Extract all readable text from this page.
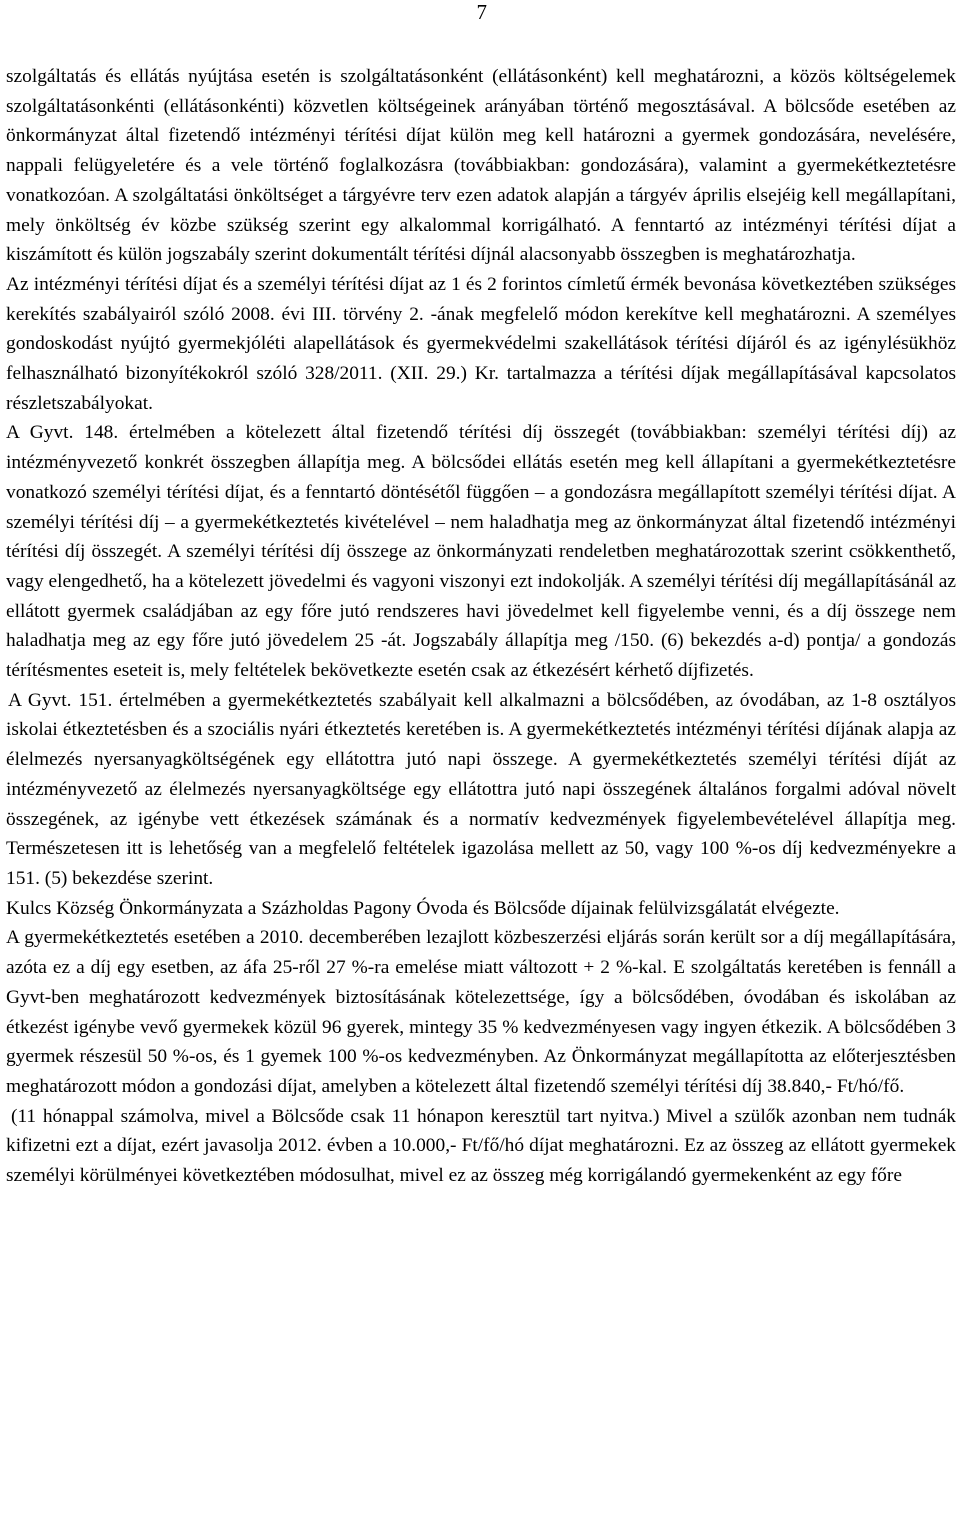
7

szolgáltatás és ellátás nyújtása esetén is szolgáltatásonként (ellátásonként) kell meghatározni, a közös költségelemek szolgáltatásonkénti (ellátásonkénti) közvetlen költségeinek arányában történő megosztásával. A bölcsőde esetében az önkormányzat által fizetendő intézményi térítési díjat külön meg kell határozni a gyermek gondozására, nevelésére, nappali felügyeletére és a vele történő foglalkozásra (továbbiakban: gondozására), valamint a gyermekétkeztetésre vonatkozóan. A szolgáltatási önköltséget a tárgyévre terv ezen adatok alapján a tárgyév április elsejéig kell megállapítani, mely önköltség év közbe szükség szerint egy alkalommal korrigálható. A fenntartó az intézményi térítési díjat a kiszámított és külön jogszabály szerint dokumentált térítési díjnál alacsonyabb összegben is meghatározhatja.

Az intézményi térítési díjat és a személyi térítési díjat az 1 és 2 forintos címletű érmék bevonása következtében szükséges kerekítés szabályairól szóló 2008. évi III. törvény 2. -ának megfelelő módon kerekítve kell meghatározni. A személyes gondoskodást nyújtó gyermekjóléti alapellátások és gyermekvédelmi szakellátások térítési díjáról és az igénylésükhöz felhasználható bizonyítékokról szóló 328/2011. (XII. 29.) Kr. tartalmazza a térítési díjak megállapításával kapcsolatos részletszabályokat.

A Gyvt. 148. értelmében a kötelezett által fizetendő térítési díj összegét (továbbiakban: személyi térítési díj) az intézményvezető konkrét összegben állapítja meg. A bölcsődei ellátás esetén meg kell állapítani a gyermekétkeztetésre vonatkozó személyi térítési díjat, és a fenntartó döntésétől függően – a gondozásra megállapított személyi térítési díjat. A személyi térítési díj – a gyermekétkeztetés kivételével – nem haladhatja meg az önkormányzat által fizetendő intézményi térítési díj összegét. A személyi térítési díj összege az önkormányzati rendeletben meghatározottak szerint csökkenthető, vagy elengedhető, ha a kötelezett jövedelmi és vagyoni viszonyi ezt indokolják. A személyi térítési díj megállapításánál az ellátott gyermek családjában az egy főre jutó rendszeres havi jövedelmet kell figyelembe venni, és a díj összege nem haladhatja meg az egy főre jutó jövedelem 25 -át. Jogszabály állapítja meg /150. (6) bekezdés a-d) pontja/ a gondozás térítésmentes eseteit is, mely feltételek bekövetkezte esetén csak az étkezésért kérhető díjfizetés.

A Gyvt. 151. értelmében a gyermekétkeztetés szabályait kell alkalmazni a bölcsődében, az óvodában, az 1-8 osztályos iskolai étkeztetésben és a szociális nyári étkeztetés keretében is. A gyermekétkeztetés intézményi térítési díjának alapja az élelmezés nyersanyagköltségének egy ellátottra jutó napi összege. A gyermekétkeztetés személyi térítési díját az intézményvezető az élelmezés nyersanyagköltsége egy ellátottra jutó napi összegének általános forgalmi adóval növelt összegének, az igénybe vett étkezések számának és a normatív kedvezmények figyelembevételével állapítja meg. Természetesen itt is lehetőség van a megfelelő feltételek igazolása mellett az 50, vagy 100 %-os díj kedvezményekre a 151. (5) bekezdése szerint.

Kulcs Község Önkormányzata a Százholdas Pagony Óvoda és Bölcsőde díjainak felülvizsgálatát elvégezte.

A gyermekétkeztetés esetében a 2010. decemberében lezajlott közbeszerzési eljárás során került sor a díj megállapítására, azóta ez a díj egy esetben, az áfa 25-ről 27 %-ra emelése miatt változott + 2 %-kal. E szolgáltatás keretében is fennáll a Gyvt-ben meghatározott kedvezmények biztosításának kötelezettsége, így a bölcsődében, óvodában és iskolában az étkezést igénybe vevő gyermekek közül 96 gyerek, mintegy 35 % kedvezményesen vagy ingyen étkezik. A bölcsődében 3 gyermek részesül 50 %-os, és 1 gyemek 100 %-os kedvezményben. Az Önkormányzat megállapította az előterjesztésben meghatározott módon a gondozási díjat, amelyben a kötelezett által fizetendő személyi térítési díj 38.840,- Ft/hó/fő.

(11 hónappal számolva, mivel a Bölcsőde csak 11 hónapon keresztül tart nyitva.) Mivel a szülők azonban nem tudnák kifizetni ezt a díjat, ezért javasolja 2012. évben a 10.000,- Ft/fő/hó díjat meghatározni. Ez az összeg az ellátott gyermekek személyi körülményei következtében módosulhat, mivel ez az összeg még korrigálandó gyermekenként az egy főre
